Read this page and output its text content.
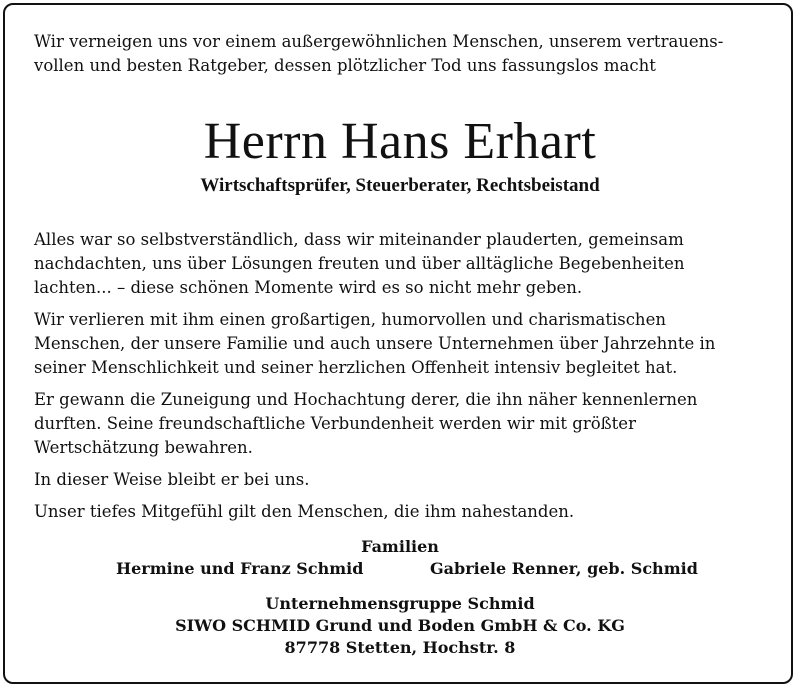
Wir verneigen uns vor einem außergewöhnlichen Menschen, unserem vertrauens-
vollen und besten Ratgeber, dessen plötzlicher Tod uns fassungslos macht

Herrn Hans Erhart

Wirtschaftsprüfer, Steuerberater, Rechtsbeistand

Alles war so selbstverständlich, dass wir miteinander plauderten, gemeinsam
nachdachten, uns über Lösungen freuten und über alltägliche Begebenheiten
lachten... – diese schönen Momente wird es so nicht mehr geben.

Wir verlieren mit ihm einen großartigen, humorvollen und charismatischen
Menschen, der unsere Familie und auch unsere Unternehmen über Jahrzehnte in
seiner Menschlichkeit und seiner herzlichen Offenheit intensiv begleitet hat.

Er gewann die Zuneigung und Hochachtung derer, die ihn näher kennenlernen
durften. Seine freundschaftliche Verbundenheit werden wir mit größter
Wertschätzung bewahren.

In dieser Weise bleibt er bei uns.

Unser tiefes Mitgefühl gilt den Menschen, die ihm nahestanden.

Familien

Hermine und Franz Schmid	Gabriele Renner, geb. Schmid

Unternehmensgruppe Schmid

SIWO SCHMID Grund und Boden GmbH & Co. KG

87778 Stetten, Hochstr. 8
